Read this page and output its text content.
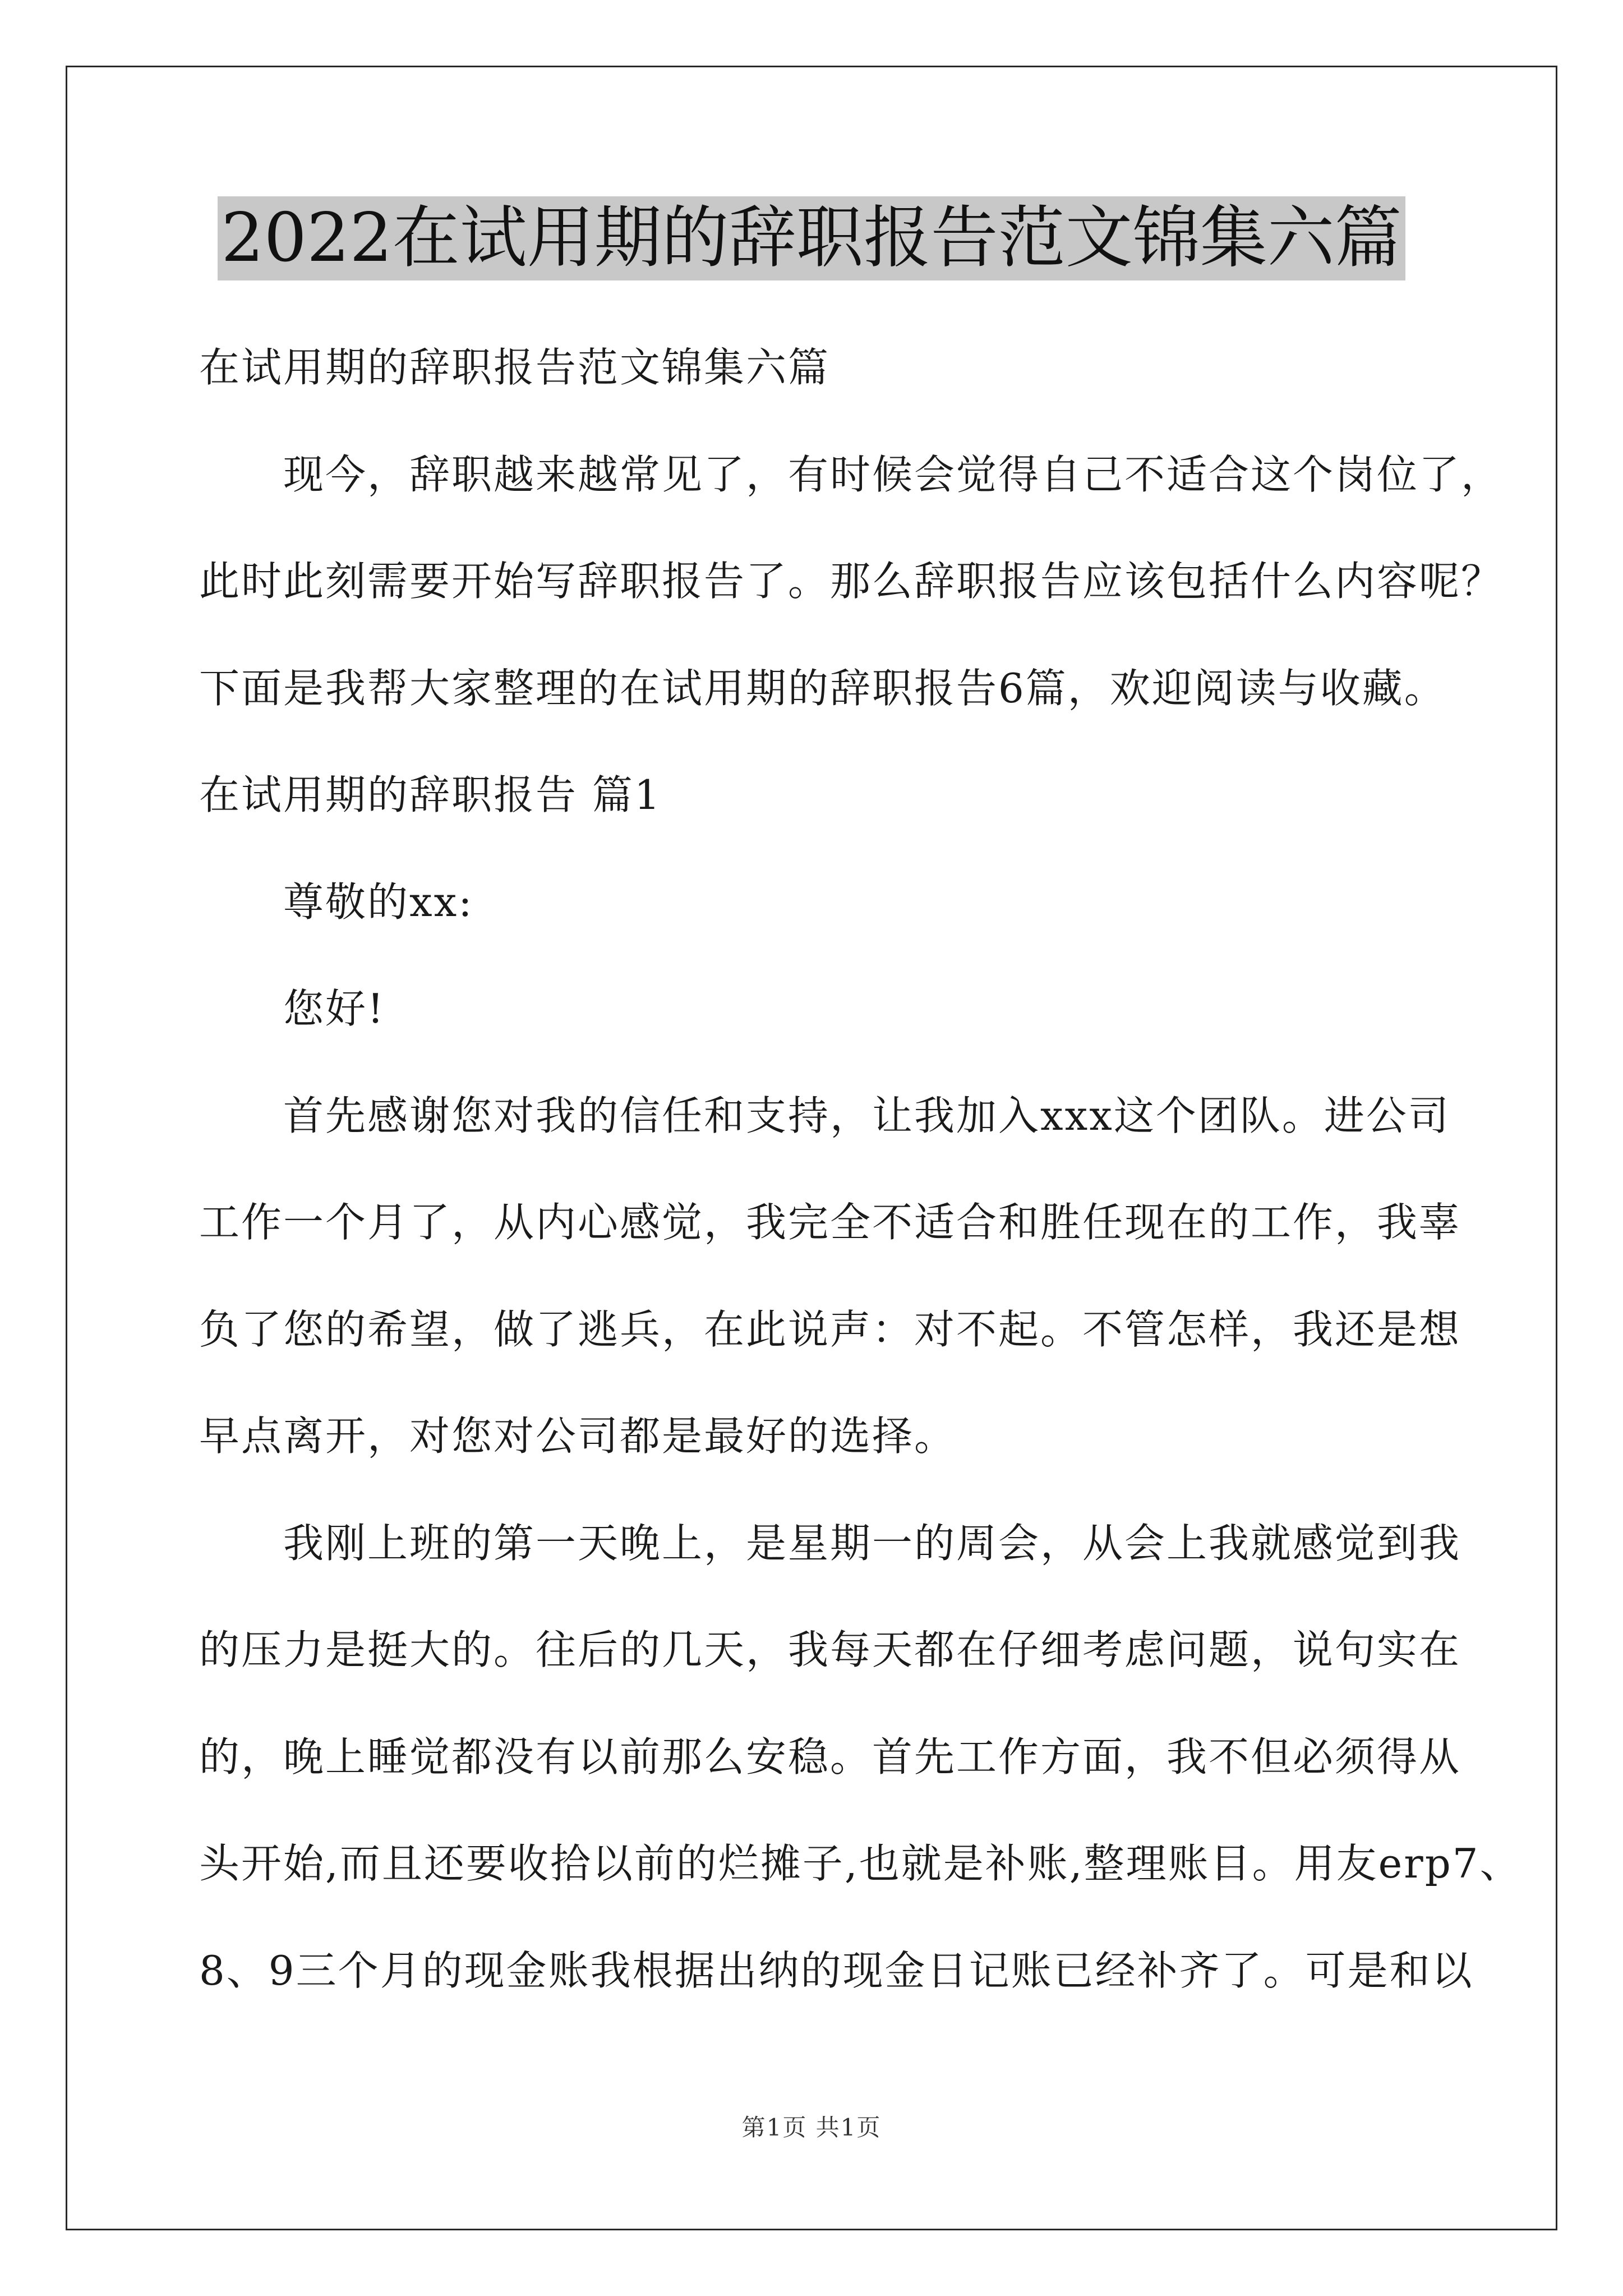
2022在试用期的辞职报告范文锦集六篇
在试用期的辞职报告范文锦集六篇
现今，辞职越来越常见了，有时候会觉得自己不适合这个岗位了，
此时此刻需要开始写辞职报告了。那么辞职报告应该包括什么内容呢？
下面是我帮大家整理的在试用期的辞职报告6篇，欢迎阅读与收藏。
在试用期的辞职报告 篇1
尊敬的xx:
您好!
首先感谢您对我的信任和支持，让我加入xxx这个团队。进公司
工作一个月了，从内心感觉，我完全不适合和胜任现在的工作，我辜
负了您的希望，做了逃兵，在此说声：对不起。不管怎样，我还是想
早点离开，对您对公司都是最好的选择。
我刚上班的第一天晚上，是星期一的周会，从会上我就感觉到我
的压力是挺大的。往后的几天，我每天都在仔细考虑问题，说句实在
的，晚上睡觉都没有以前那么安稳。首先工作方面，我不但必须得从
头开始,而且还要收拾以前的烂摊子,也就是补账,整理账目。用友erp7、
8、9三个月的现金账我根据出纳的现金日记账已经补齐了。可是和以
第1页 共1页
